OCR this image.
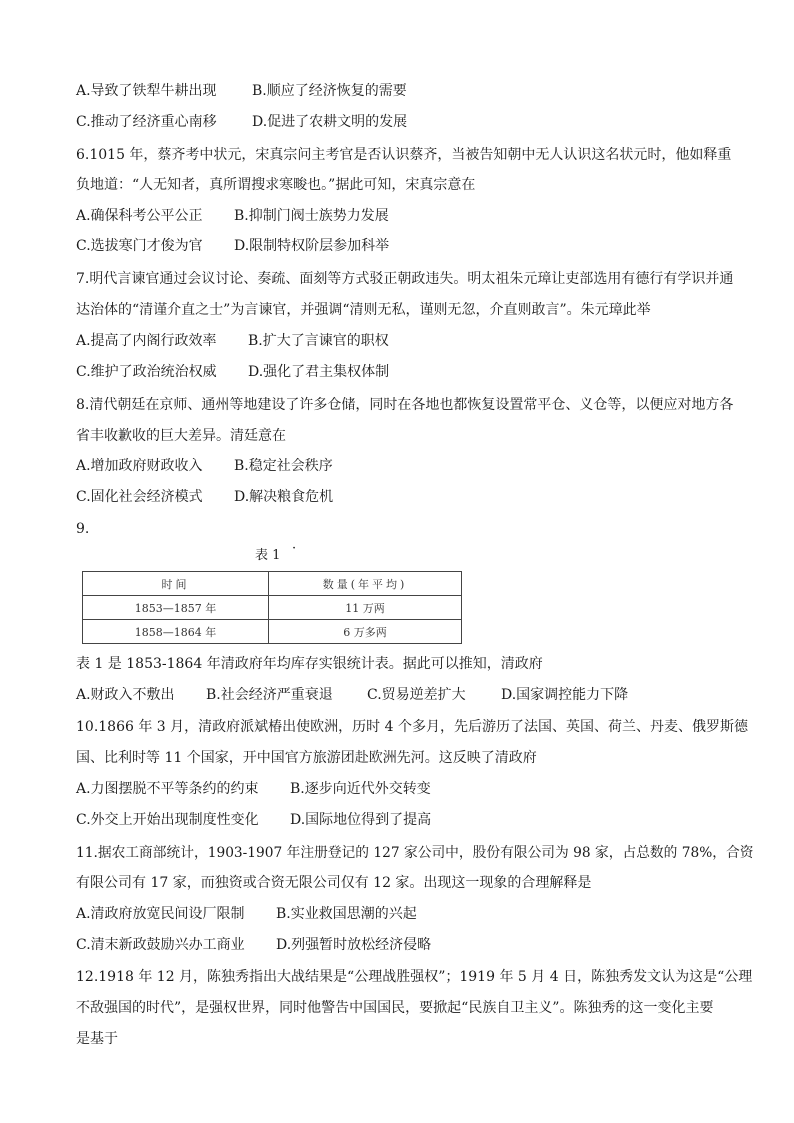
A.导致了铁犁牛耕出现	B.顺应了经济恢复的需要
C.推动了经济重心南移	D.促进了农耕文明的发展
6.1015 年，蔡齐考中状元，宋真宗问主考官是否认识蔡齐，当被告知朝中无人认识这名状元时，他如释重
负地道：“人无知者，真所谓搜求寒畯也。”据此可知，宋真宗意在
A.确保科考公平公正 B.抑制门阀士族势力发展
C.选拔寒门才俊为官 D.限制特权阶层参加科举
7.明代言谏官通过会议讨论、奏疏、面刻等方式驳正朝政违失。明太祖朱元璋让吏部选用有德行有学识并通
达治体的“清谨介直之士”为言谏官，并强调“清则无私，谨则无忽，介直则敢言”。朱元璋此举
A.提高了内阁行政效率 B.扩大了言谏官的职权
C.维护了政治统治权威 D.强化了君主集权体制
8.清代朝廷在京师、通州等地建设了许多仓储，同时在各地也都恢复设置常平仓、义仓等，以便应对地方各
省丰收歉收的巨大差异。清廷意在
A.增加政府财政收入 B.稳定社会秩序
C.固化社会经济模式 D.解决粮食危机
9.
表 1 ·
时间	数量(年平均)
1853—1857 年	11 万两
1858—1864 年	6 万多两
表 1 是 1853-1864 年清政府年均库存实银统计表。据此可以推知，清政府
A.财政入不敷出 B.社会经济严重衰退 C.贸易逆差扩大	D.国家调控能力下降
10.1866 年 3 月，清政府派斌椿出使欧洲，历时 4 个多月，先后游历了法国、英国、荷兰、丹麦、俄罗斯德
国、比利时等 11 个国家，开中国官方旅游团赴欧洲先河。这反映了清政府
A.力图摆脱不平等条约的约束 B.逐步向近代外交转变
C.外交上开始出现制度性变化 D.国际地位得到了提高
11.据农工商部统计，1903-1907 年注册登记的 127 家公司中，股份有限公司为 98 家，占总数的 78%，合资
有限公司有 17 家，而独资或合资无限公司仅有 12 家。出现这一现象的合理解释是
A.清政府放宽民间设厂限制 B.实业救国思潮的兴起
C.清末新政鼓励兴办工商业 D.列强暂时放松经济侵略
12.1918 年 12 月，陈独秀指出大战结果是“公理战胜强权”；1919 年 5 月 4 日，陈独秀发文认为这是“公理
不敌强国的时代”，是强权世界，同时他警告中国国民，要掀起“民族自卫主义”。陈独秀的这一变化主要
是基于
